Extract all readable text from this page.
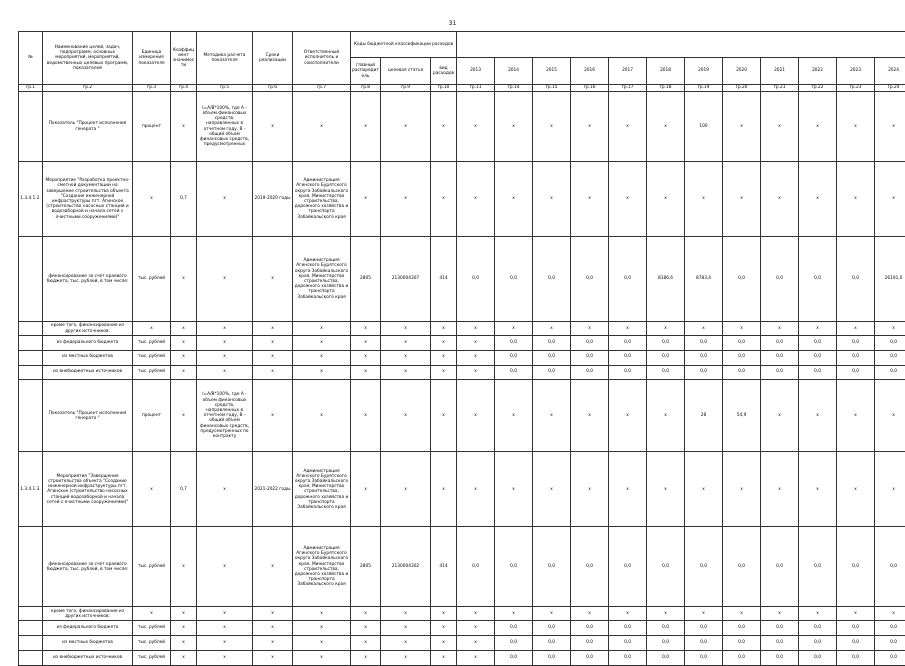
31
№	Наименование целей, задач, подпрограмм, основных мероприятий, мероприятий, ведомственных целевых программ, показателей	Единица измерения показателя	Коэффициент значимости	Методика расчета показателя	Сроки реализации	Ответственный исполнитель и соисполнители	Коды бюджетной классификации расходов															
							главный распорядитель	целевая статья	вид расходов	2013	2014	2015	2016	2017	2018	2019	2020	2021	2022	2023	2024	
гр.1	гр.2	гр.3	гр.4	гр.5	гр.6	гр.7	гр.8	гр.9	гр.10	гр.11	гр.14	гр.15	гр.16	гр.17	гр.18	гр.19	гр.20	гр.21	гр.22	гр.23	гр.24	
	Показатель "Процент исполнения генерата "	процент	х	I=A/B*100%, где А - объем финансовых средств, направленных в отчетном году, В - общий объем финансовых средств, предусмотренных	х	х	х	х	х	х	х	х	х	х	х	100	х	х	х	х	х	
1.3.4.1.2.	Мероприятие "Разработка проектно-сметной документации на завершение строительства объекта "Создание инженерной инфраструктуры пгт. Агинское (строительство насосных станций и водозаборной и начала сетей с очистными сооружениями)"	х	0,7	х	2019-2020 годы	Администрация Агинского Бурятского округа Забайкальского края, Министерство строительства, дорожного хозяйства и транспорта Забайкальского края	х	х	х	х	х	х	х	х	х	х	х	х	х	х	х	
	финансирование за счет краевого бюджета, тыс. рублей, в том числе:	тыс. рублей	х	х	х	Администрация Агинского Бурятского округа Забайкальского края, Министерство строительства, дорожного хозяйства и транспорта Забайкальского края	2805	2130004307	414	0,0	0,0	0,0	0,0	0,0	8186,6	8783,4	0,0	0,0	0,0	0,0	26191,0	
	кроме того, финансирование из других источников:	х	х	х	х	х	х	х	х	х	х	х	х	х	х	х	х	х	х	х	х	
	из федерального бюджета	тыс. рублей	х	х	х	х	х	х	х	х	0,0	0,0	0,0	0,0	0,0	0,0	0,0	0,0	0,0	0,0	0,0	
	из местных бюджетов	тыс. рублей	х	х	х	х	х	х	х	х	0,0	0,0	0,0	0,0	0,0	0,0	0,0	0,0	0,0	0,0	0,0	
	из внебюджетных источников	тыс. рублей	х	х	х	х	х	х	х	х	0,0	0,0	0,0	0,0	0,0	0,0	0,0	0,0	0,0	0,0	0,0	
	Показатель "Процент исполнения генерата "	процент	х	I=A/B*100%, где А - объем финансовых средств, направленных в отчетном году, В - общий объем финансовых средств, предусмотренных по контракту	х	х	х	х	х	х	х	х	х	х	х	28	54,9	х	х	х	х	
1.3.4.1.3.	Мероприятие "Завершение строительства объекта "Создание инженерной инфраструктуры пгт. Агинское (строительство насосных станций водозаборной и начала сетей с очистными сооружениями)"	х	0,7	х	2021-2022 годы	Администрация Агинского Бурятского округа Забайкальского края, Министерство строительства, дорожного хозяйства и транспорта Забайкальского края	х	х	х	х	х	х	х	х	х	х	х	х	х	х	х	
	финансирование за счет краевого бюджета, тыс. рублей, в том числе:	тыс. рублей	х	х	х	Администрация Агинского Бурятского округа Забайкальского края, Министерство строительства, дорожного хозяйства и транспорта Забайкальского края	2805	2130004302	414	0,0	0,0	0,0	0,0	0,0	0,0	0,0	0,0	0,0	0,0	0,0	0,0	
	кроме того, финансирование из других источников:	х	х	х	х	х	х	х	х	х	х	х	х	х	х	х	х	х	х	х	х	
	из федерального бюджета	тыс. рублей	х	х	х	х	х	х	х	х	0,0	0,0	0,0	0,0	0,0	0,0	0,0	0,0	0,0	0,0	0,0	
	из местных бюджетов	тыс. рублей	х	х	х	х	х	х	х	х	0,0	0,0	0,0	0,0	0,0	0,0	0,0	0,0	0,0	0,0	0,0	
	из внебюджетных источников	тыс. рублей	х	х	х	х	х	х	х	х	0,0	0,0	0,0	0,0	0,0	0,0	0,0	0,0	0,0	0,0	0,0	
